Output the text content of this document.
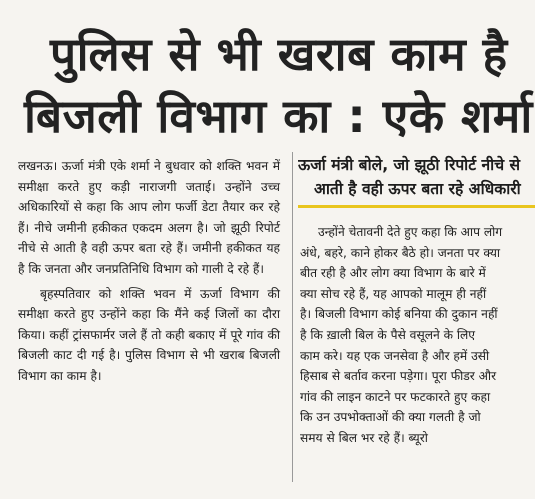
पुलिस से भी खराब काम है
बिजली विभाग का : एके शर्मा

लखनऊ। ऊर्जा मंत्री एके शर्मा ने बुधवार को शक्ति भवन में समीक्षा करते हुए कड़ी नाराजगी जताई। उन्होंने उच्च अधिकारियों से कहा कि आप लोग फर्जी डेटा तैयार कर रहे हैं। नीचे जमीनी हकीकत एकदम अलग है। जो झूठी रिपोर्ट नीचे से आती है वही ऊपर बता रहे हैं। जमीनी हकीकत यह है कि जनता और जनप्रतिनिधि विभाग को गाली दे रहे हैं।

बृहस्पतिवार को शक्ति भवन में ऊर्जा विभाग की समीक्षा करते हुए उन्होंने कहा कि मैंने कई जिलों का दौरा किया। कहीं ट्रांसफार्मर जले हैं तो कही बकाए में पूरे गांव की बिजली काट दी गई है। पुलिस विभाग से भी खराब बिजली विभाग का काम है।

ऊर्जा मंत्री बोले, जो झूठी रिपोर्ट नीचे से
आती है वही ऊपर बता रहे अधिकारी
उन्होंने चेतावनी देते हुए कहा कि आप लोग
अंधे, बहरे, काने होकर बैठे हो। जनता पर क्या
बीत रही है और लोग क्या विभाग के बारे में
क्या सोच रहे हैं, यह आपको मालूम ही नहीं
है। बिजली विभाग कोई बनिया की दुकान नहीं
है कि ख़ाली बिल के पैसे वसूलने के लिए
काम करे। यह एक जनसेवा है और हमें उसी
हिसाब से बर्ताव करना पड़ेगा। पूरा फीडर और
गांव की लाइन काटने पर फटकारते हुए कहा
कि उन उपभोक्ताओं की क्या गलती है जो
समय से बिल भर रहे हैं। ब्यूरो
